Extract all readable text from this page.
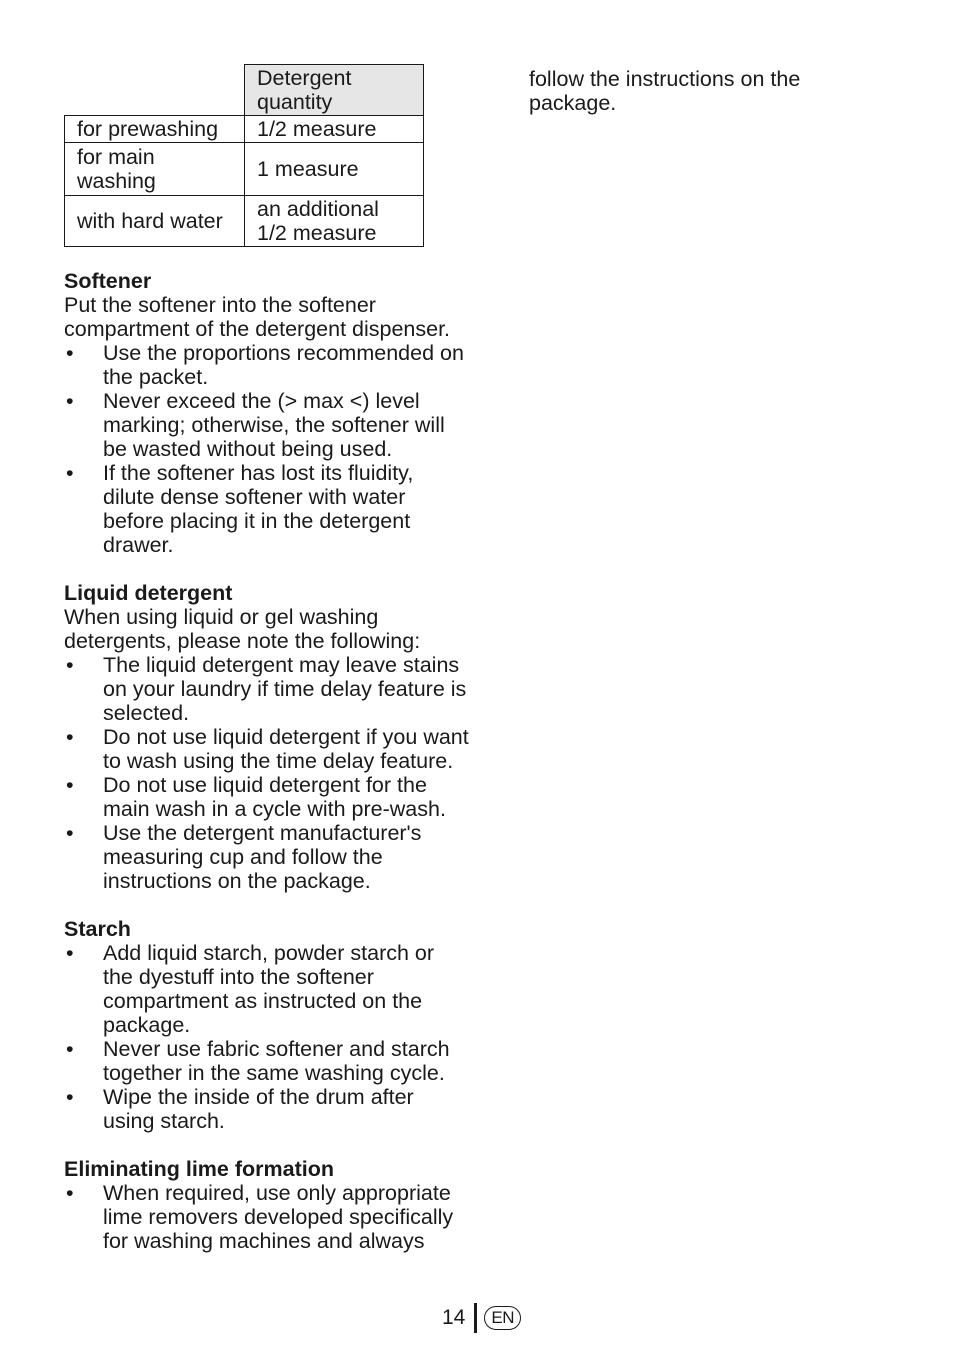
	Detergent quantity
for prewashing	1/2 measure
for main washing	1 measure
with hard water	an additional 1/2 measure
Softener

Put the softener into the softener compartment of the detergent dispenser.

• Use the proportions recommended on the packet.
• Never exceed the (> max <) level marking; otherwise, the softener will be wasted without being used.
• If the softener has lost its fluidity, dilute dense softener with water before placing it in the detergent drawer.
Liquid detergent

When using liquid or gel washing detergents, please note the following:

• The liquid detergent may leave stains on your laundry if time delay feature is selected.
• Do not use liquid detergent if you want to wash using the time delay feature.
• Do not use liquid detergent for the main wash in a cycle with pre-wash.
• Use the detergent manufacturer's measuring cup and follow the instructions on the package.
Starch
• Add liquid starch, powder starch or the dyestuff into the softener compartment as instructed on the package.
• Never use fabric softener and starch together in the same washing cycle.
• Wipe the inside of the drum after using starch.
Eliminating lime formation
• When required, use only appropriate lime removers developed specifically for washing machines and always

follow the instructions on the package.

14	EN
